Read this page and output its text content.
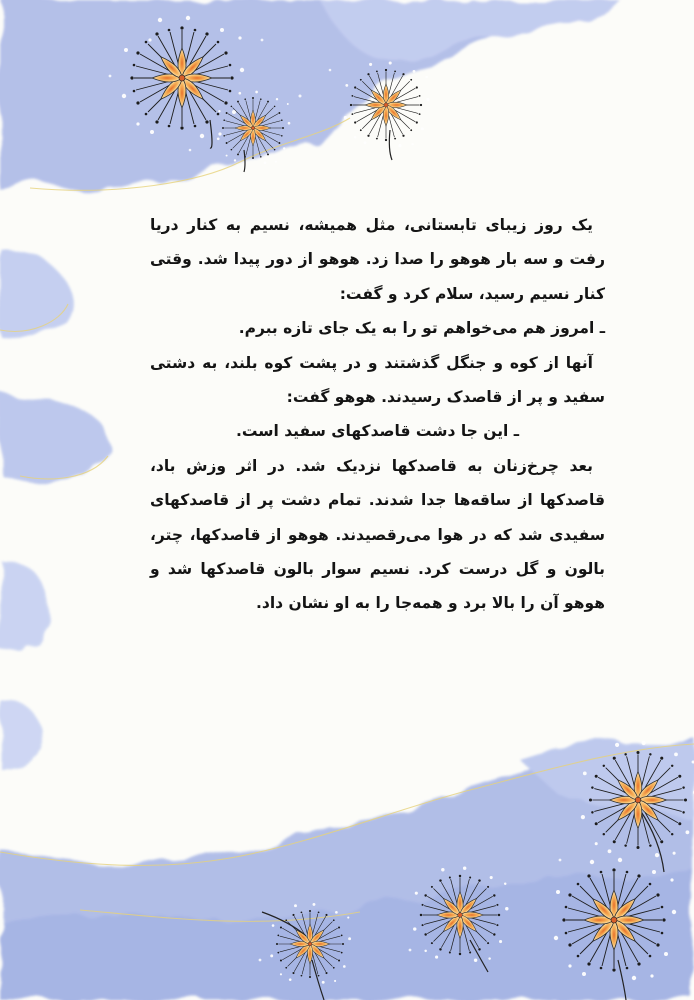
یک روز زیبای تابستانی، مثل همیشه، نسیم به کنار دریا رفت و سه بار هوهو را صدا زد. هوهو از دور پیدا شد. وقتی کنار نسیم رسید، سلام کرد و گفت:

ـ امروز هم می‌خواهم تو را به یک جای تازه ببرم.

آنها از کوه و جنگل گذشتند و در پشت کوه بلند، به دشتی سفید و پر از قاصدک رسیدند. هوهو گفت:

ـ این جا دشت قاصدکهای سفید است.

بعد چرخ‌زنان به قاصدکها نزدیک شد. در اثر وزش باد، قاصدکها از ساقه‌ها جدا شدند. تمام دشت پر از قاصدکهای سفیدی شد که در هوا می‌رقصیدند. هوهو از قاصدکها، چتر، بالون و گل درست کرد. نسیم سوار بالون قاصدکها شد و هوهو آن را بالا برد و همه‌جا را به او نشان داد.
